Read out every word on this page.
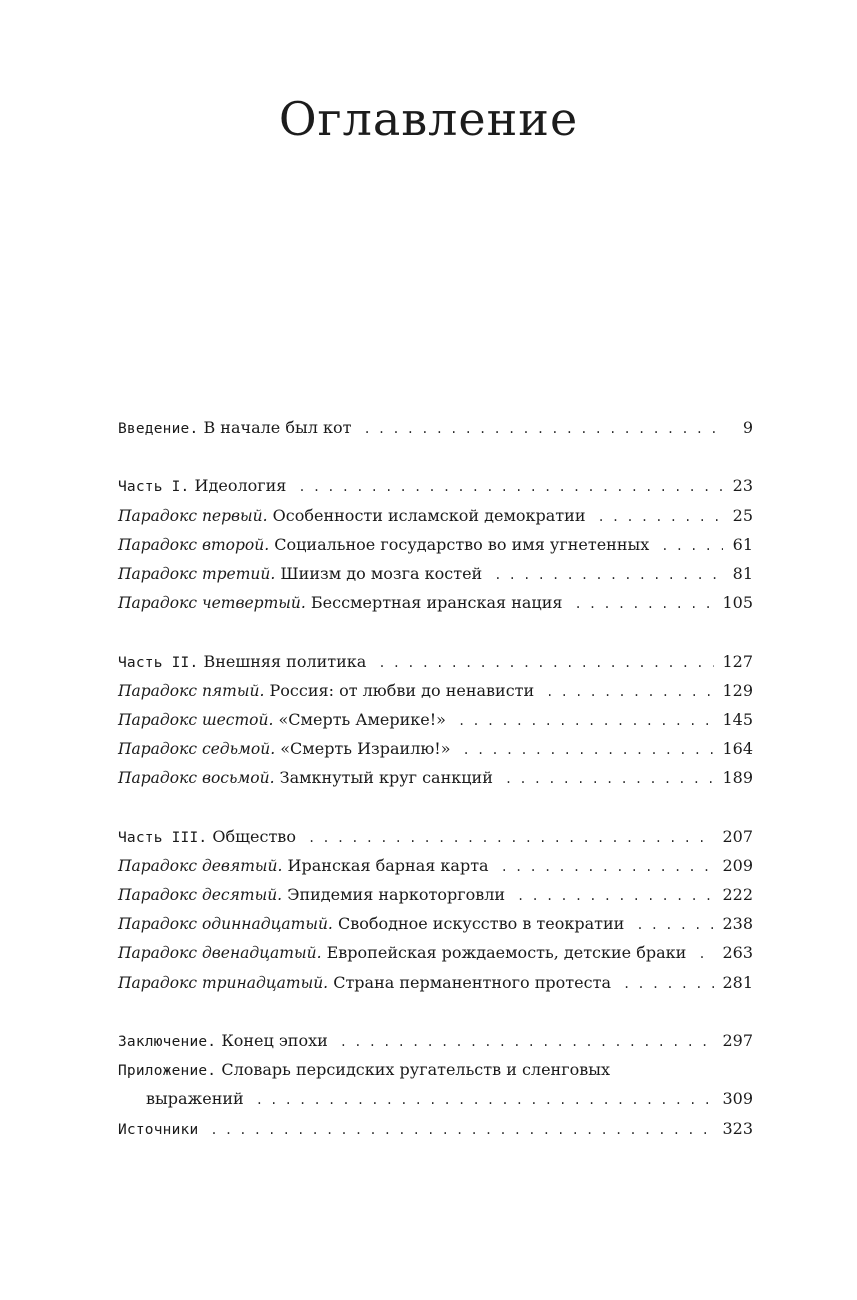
Оглавление
Введение. В начале был кот . . .	9
Часть I. Идеология . . .	23
Парадокс первый. Особенности исламской демократии . . .	25
Парадокс второй. Социальное государство во имя угнетенных . . .	61
Парадокс третий. Шиизм до мозга костей . . .	81
Парадокс четвертый. Бессмертная иранская нация . . .	105
Часть II. Внешняя политика . . .	127
Парадокс пятый. Россия: от любви до ненависти . . .	129
Парадокс шестой. «Смерть Америке!» . . .	145
Парадокс седьмой. «Смерть Израилю!» . . .	164
Парадокс восьмой. Замкнутый круг санкций . . .	189
Часть III. Общество . . .	207
Парадокс девятый. Иранская барная карта . . .	209
Парадокс десятый. Эпидемия наркоторговли . . .	222
Парадокс одиннадцатый. Свободное искусство в теократии . . .	238
Парадокс двенадцатый. Европейская рождаемость, детские браки . . . 263
Парадокс тринадцатый. Страна перманентного протеста . . .	281
Заключение. Конец эпохи . . .	297
Приложение. Словарь персидских ругательств и сленговых
выражений . . .	309
Источники . . .	323
